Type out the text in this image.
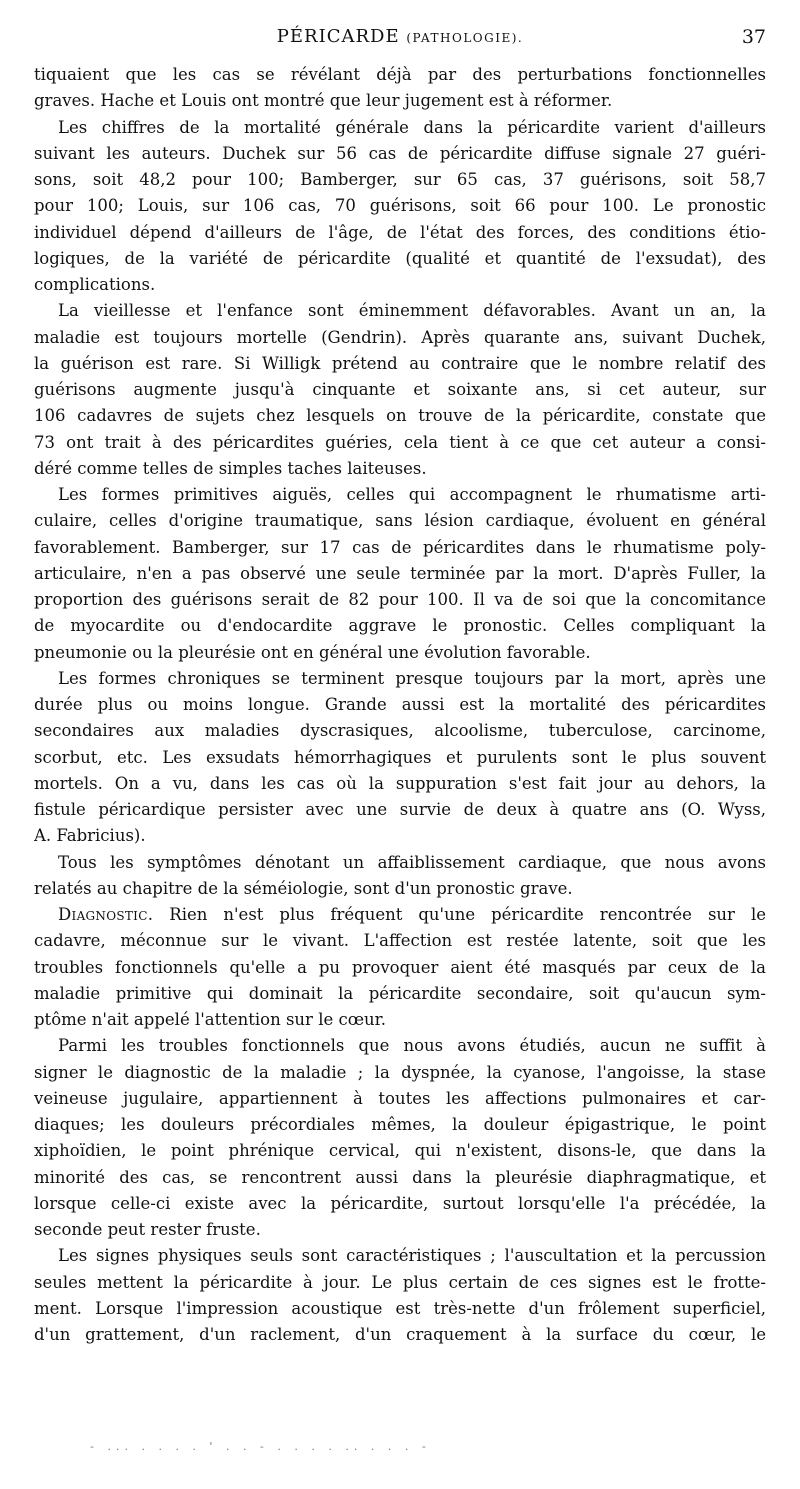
PÉRICARDE (PATHOLOGIE).	37
tiquaient que les cas se révélant déjà par des perturbations fonctionnelles
graves. Hache et Louis ont montré que leur jugement est à réformer.
Les chiffres de la mortalité générale dans la péricardite varient d'ailleurs
suivant les auteurs. Duchek sur 56 cas de péricardite diffuse signale 27 guéri-
sons, soit 48,2 pour 100; Bamberger, sur 65 cas, 37 guérisons, soit 58,7
pour 100; Louis, sur 106 cas, 70 guérisons, soit 66 pour 100. Le pronostic
individuel dépend d'ailleurs de l'âge, de l'état des forces, des conditions étio-
logiques, de la variété de péricardite (qualité et quantité de l'exsudat), des
complications.
La vieillesse et l'enfance sont éminemment défavorables. Avant un an, la
maladie est toujours mortelle (Gendrin). Après quarante ans, suivant Duchek,
la guérison est rare. Si Willigk prétend au contraire que le nombre relatif des
guérisons augmente jusqu'à cinquante et soixante ans, si cet auteur, sur
106 cadavres de sujets chez lesquels on trouve de la péricardite, constate que
73 ont trait à des péricardites guéries, cela tient à ce que cet auteur a consi-
déré comme telles de simples taches laiteuses.
Les formes primitives aiguës, celles qui accompagnent le rhumatisme arti-
culaire, celles d'origine traumatique, sans lésion cardiaque, évoluent en général
favorablement. Bamberger, sur 17 cas de péricardites dans le rhumatisme poly-
articulaire, n'en a pas observé une seule terminée par la mort. D'après Fuller, la
proportion des guérisons serait de 82 pour 100. Il va de soi que la concomitance
de myocardite ou d'endocardite aggrave le pronostic. Celles compliquant la
pneumonie ou la pleurésie ont en général une évolution favorable.
Les formes chroniques se terminent presque toujours par la mort, après une
durée plus ou moins longue. Grande aussi est la mortalité des péricardites
secondaires aux maladies dyscrasiques, alcoolisme, tuberculose, carcinome,
scorbut, etc. Les exsudats hémorrhagiques et purulents sont le plus souvent
mortels. On a vu, dans les cas où la suppuration s'est fait jour au dehors, la
fistule péricardique persister avec une survie de deux à quatre ans (O. Wyss,
A. Fabricius).
Tous les symptômes dénotant un affaiblissement cardiaque, que nous avons
relatés au chapitre de la séméiologie, sont d'un pronostic grave.
Diagnostic. Rien n'est plus fréquent qu'une péricardite rencontrée sur le
cadavre, méconnue sur le vivant. L'affection est restée latente, soit que les
troubles fonctionnels qu'elle a pu provoquer aient été masqués par ceux de la
maladie primitive qui dominait la péricardite secondaire, soit qu'aucun sym-
ptôme n'ait appelé l'attention sur le cœur.
Parmi les troubles fonctionnels que nous avons étudiés, aucun ne suffit à
signer le diagnostic de la maladie ; la dyspnée, la cyanose, l'angoisse, la stase
veineuse jugulaire, appartiennent à toutes les affections pulmonaires et car-
diaques; les douleurs précordiales mêmes, la douleur épigastrique, le point
xiphoïdien, le point phrénique cervical, qui n'existent, disons-le, que dans la
minorité des cas, se rencontrent aussi dans la pleurésie diaphragmatique, et
lorsque celle-ci existe avec la péricardite, surtout lorsqu'elle l'a précédée, la
seconde peut rester fruste.
Les signes physiques seuls sont caractéristiques ; l'auscultation et la percussion
seules mettent la péricardite à jour. Le plus certain de ces signes est le frotte-
ment. Lorsque l'impression acoustique est très-nette d'un frôlement superficiel,
d'un grattement, d'un raclement, d'un craquement à la surface du cœur, le
- ... . . . . ' . . - . . . . .. . . . -
